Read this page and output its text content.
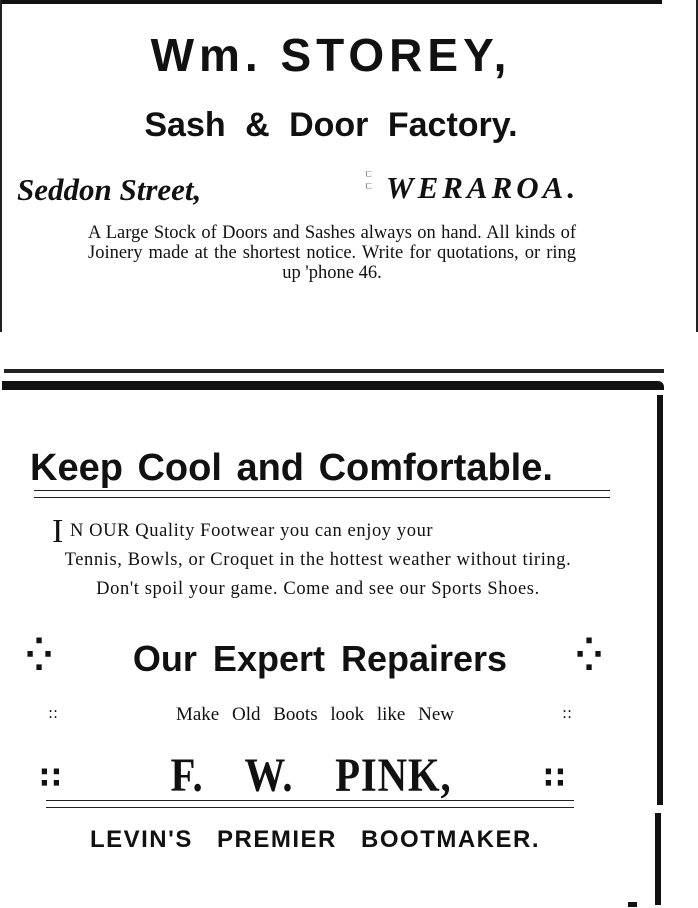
Wm. STOREY,
Sash & Door Factory.
Seddon Street,	ㄷ
ㄷ WERAROA.
A Large Stock of Doors and Sashes always on hand. All kinds of Joinery made at the shortest notice. Write for quotations, or ring up 'phone 46.
Keep Cool and Comfortable.
I N OUR Quality Footwear you can enjoy your
Tennis, Bowls, or Croquet in the hottest weather without tiring. Don't spoil your game. Come and see our Sports Shoes.
⁛	Our Expert Repairers	⁛
::	Make Old Boots look like New	::
∷	F. W. PINK,	∷
LEVIN'S PREMIER BOOTMAKER.
